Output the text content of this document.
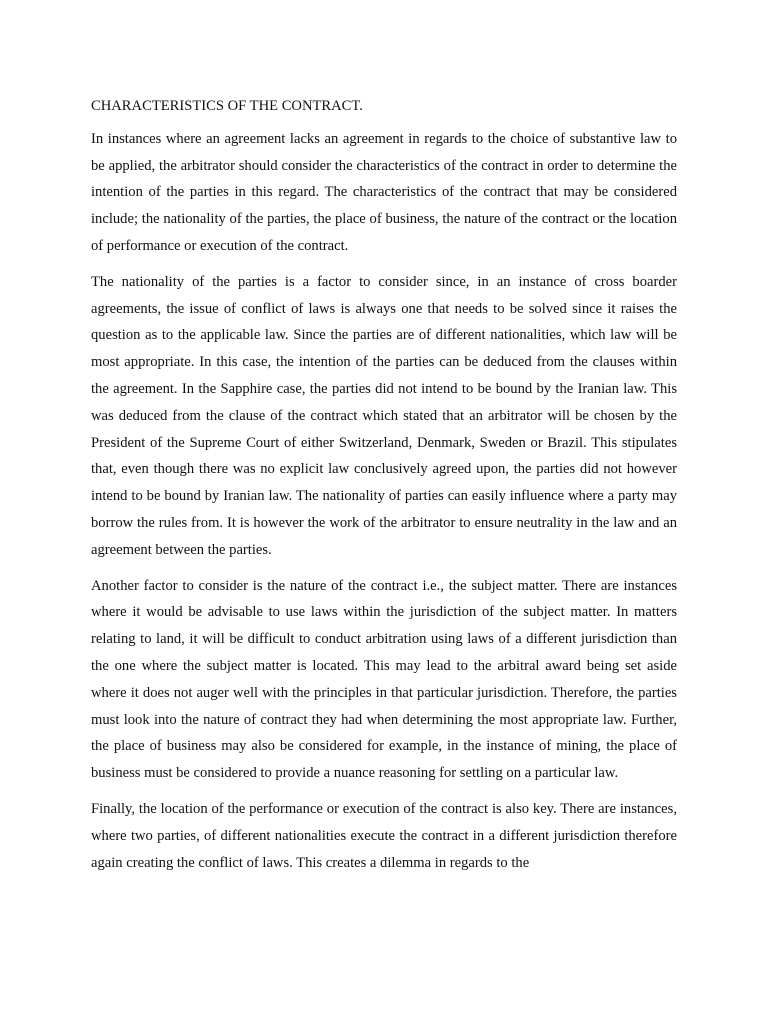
CHARACTERISTICS OF THE CONTRACT.

In instances where an agreement lacks an agreement in regards to the choice of substantive law to be applied, the arbitrator should consider the characteristics of the contract in order to determine the intention of the parties in this regard. The characteristics of the contract that may be considered include; the nationality of the parties, the place of business, the nature of the contract or the location of performance or execution of the contract.

The nationality of the parties is a factor to consider since, in an instance of cross boarder agreements, the issue of conflict of laws is always one that needs to be solved since it raises the question as to the applicable law. Since the parties are of different nationalities, which law will be most appropriate. In this case, the intention of the parties can be deduced from the clauses within the agreement. In the Sapphire case, the parties did not intend to be bound by the Iranian law. This was deduced from the clause of the contract which stated that an arbitrator will be chosen by the President of the Supreme Court of either Switzerland, Denmark, Sweden or Brazil. This stipulates that, even though there was no explicit law conclusively agreed upon, the parties did not however intend to be bound by Iranian law. The nationality of parties can easily influence where a party may borrow the rules from. It is however the work of the arbitrator to ensure neutrality in the law and an agreement between the parties.

Another factor to consider is the nature of the contract i.e., the subject matter. There are instances where it would be advisable to use laws within the jurisdiction of the subject matter. In matters relating to land, it will be difficult to conduct arbitration using laws of a different jurisdiction than the one where the subject matter is located. This may lead to the arbitral award being set aside where it does not auger well with the principles in that particular jurisdiction. Therefore, the parties must look into the nature of contract they had when determining the most appropriate law. Further, the place of business may also be considered for example, in the instance of mining, the place of business must be considered to provide a nuance reasoning for settling on a particular law.

Finally, the location of the performance or execution of the contract is also key. There are instances, where two parties, of different nationalities execute the contract in a different jurisdiction therefore again creating the conflict of laws. This creates a dilemma in regards to the
